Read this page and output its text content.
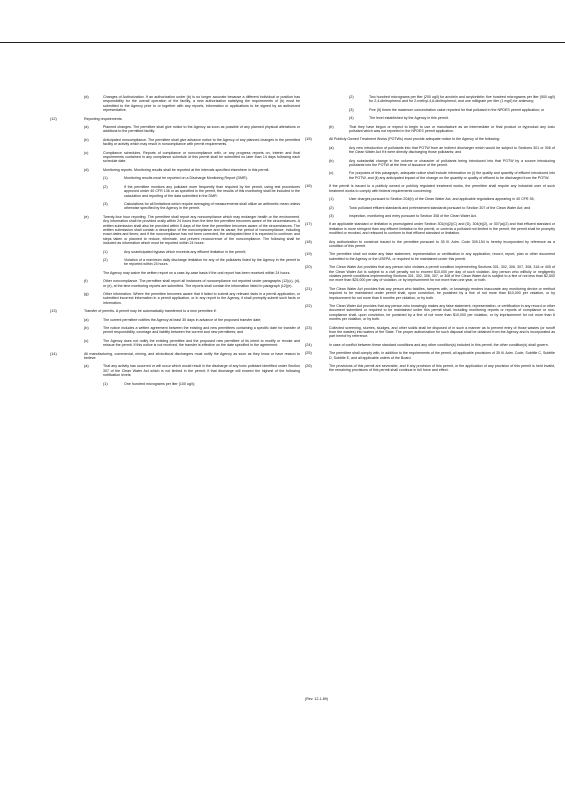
(d)	Changes of Authorization. If an authorization under (b) is no longer accurate because a different individual or position has responsibility for the overall operation of the facility, a new authorization satisfying the requirements of (b) must be submitted to the Agency prior to or together with any reports, information or applications to be signed by an authorized representative.
(12)	Reporting requirements.
(a)	Planned changes. The permittee shall give notice to the Agency as soon as possible of any planned physical alterations or additions to the permitted facility.
(b)	Anticipated noncompliance. The permittee shall give advance notice to the Agency of any planned changes in the permitted facility or activity which may result in noncompliance with permit requirements.
(c)	Compliance schedules. Reports of compliance or noncompliance with, or any progress reports on, interim and final requirements contained in any compliance schedule of this permit shall be submitted no later than 14 days following each schedule date.
(d)	Monitoring reports. Monitoring results shall be reported at the intervals specified elsewhere in this permit.
(1)	Monitoring results must be reported on a Discharge Monitoring Report (DMR).
(2)	If the permittee monitors any pollutant more frequently than required by the permit, using test procedures approved under 40 CFR 136 or as specified in the permit, the results of this monitoring shall be included in the calculation and reporting of the data submitted in the DMR.
(3)	Calculations for all limitations which require averaging of measurements shall utilize an arithmetic mean unless otherwise specified by the Agency in the permit.
(e)	Twenty-four hour reporting. The permittee shall report any noncompliance which may endanger health or the environment. Any information shall be provided orally within 24 hours from the time the permittee becomes aware of the circumstances. A written submission shall also be provided within 5 days of the time the permittee becomes aware of the circumstances. The written submission shall contain a description of the noncompliance and its cause; the period of noncompliance, including exact dates and times; and if the noncompliance has not been corrected, the anticipated time it is expected to continue; and steps taken or planned to reduce, eliminate, and prevent reoccurrence of the noncompliance. The following shall be included as information which must be reported within 24 hours:
(1)	Any unanticipated bypass which exceeds any effluent limitation in the permit;
(2)	Violation of a maximum daily discharge limitation for any of the pollutants listed by the Agency in the permit to be reported within 24 hours.
The Agency may waive the written report on a case-by-case basis if the oral report has been received within 24 hours.
(f)	Other noncompliance. The permittee shall report all instances of noncompliance not reported under paragraphs (12)(c), (d), or (e), at the time monitoring reports are submitted. The reports shall contain the information listed in paragraph (12)(e).
(g)	Other information. Where the permittee becomes aware that it failed to submit any relevant facts in a permit application, or submitted incorrect information in a permit application, or in any report to the Agency, it shall promptly submit such facts or information.
(13)	Transfer of permits. A permit may be automatically transferred to a new permittee if:
(a)	The current permittee notifies the Agency at least 30 days in advance of the proposed transfer date;
(b)	The notice includes a written agreement between the existing and new permittees containing a specific date for transfer of permit responsibility, coverage and liability between the current and new permittees; and
(c)	The Agency does not notify the existing permittee and the proposed new permittee of its intent to modify or revoke and reissue the permit. If this notice is not received, the transfer is effective on the date specified in the agreement.
(14)	All manufacturing, commercial, mining, and silvicultural dischargers must notify the Agency as soon as they know or have reason to believe:
(a)	That any activity has occurred or will occur which would result in the discharge of any toxic pollutant identified under Section 307 of the Clean Water Act which is not limited in the permit, if that discharge will exceed the highest of the following notification levels:
(1)	One hundred micrograms per liter (100 ug/l);
(2)	Two hundred micrograms per liter (200 ug/l) for acrolein and acrylonitrile; five hundred micrograms per liter (500 ug/l) for 2,4-dinitrophenol and for 2-methyl-4,6-dinitrophenol; and one milligram per liter (1 mg/l) for antimony;
(3)	Five (5) times the maximum concentration value reported for that pollutant in the NPDES permit application; or
(4)	The level established by the Agency in this permit.
(b)	That they have begun or expect to begin to use or manufacture as an intermediate or final product or byproduct any toxic pollutant which was not reported in the NPDES permit application.
(15)	All Publicly Owned Treatment Works (POTWs) must provide adequate notice to the Agency of the following:
(a)	Any new introduction of pollutants into that POTW from an indirect discharger which would be subject to Sections 301 or 306 of the Clean Water Act if it were directly discharging those pollutants; and
(b)	Any substantial change in the volume or character of pollutants being introduced into that POTW by a source introducing pollutants into the POTW at the time of issuance of the permit.
(c)	For purposes of this paragraph, adequate notice shall include information on (i) the quality and quantity of effluent introduced into the POTW, and (ii) any anticipated impact of the change on the quantity or quality of effluent to be discharged from the POTW.
(16)	If the permit is issued to a publicly owned or publicly regulated treatment works, the permittee shall require any industrial user of such treatment works to comply with federal requirements concerning:
(1)	User charges pursuant to Section 204(b) of the Clean Water Act, and applicable regulations appearing in 40 CFR 35;
(2)	Toxic pollutant effluent standards and pretreatment standards pursuant to Section 307 of the Clean Water Act; and
(3)	Inspection, monitoring and entry pursuant to Section 308 of the Clean Water Act.
(17)	If an applicable standard or limitation is promulgated under Section 301(b)(2)(C) and (D), 304(b)(2), or 307(a)(2) and that effluent standard or limitation is more stringent than any effluent limitation in the permit, or controls a pollutant not limited in the permit, the permit shall be promptly modified or revoked, and reissued to conform to that effluent standard or limitation.
(18)	Any authorization to construct issued to the permittee pursuant to 35 Ill. Adm. Code 309.154 is hereby incorporated by reference as a condition of this permit.
(19)	The permittee shall not make any false statement, representation or certification in any application, record, report, plan or other document submitted to the Agency or the USEPA, or required to be maintained under this permit.
(20)	The Clean Water Act provides that any person who violates a permit condition implementing Sections 301, 302, 306, 307, 308, 318 or 405 of the Clean Water Act is subject to a civil penalty not to exceed $10,000 per day of such violation. Any person who willfully or negligently violates permit conditions implementing Sections 301, 302, 306, 307, or 308 of the Clean Water Act is subject to a fine of not less than $2,500 nor more than $25,000 per day of violation, or by imprisonment for not more than one year, or both.
(21)	The Clean Water Act provides that any person who falsifies, tampers with, or knowingly renders inaccurate any monitoring device or method required to be maintained under permit shall, upon conviction, be punished by a fine of not more than $10,000 per violation, or by imprisonment for not more than 6 months per violation, or by both.
(22)	The Clean Water Act provides that any person who knowingly makes any false statement, representation, or certification in any record or other document submitted or required to be maintained under this permit shall, including monitoring reports or reports of compliance or non-compliance shall, upon conviction, be punished by a fine of not more than $10,000 per violation, or by imprisonment for not more than 6 months per violation, or by both.
(23)	Collected screening, slurries, sludges, and other solids shall be disposed of in such a manner as to prevent entry of those wastes (or runoff from the wastes) into waters of the State. The proper authorization for such disposal shall be obtained from the Agency and is incorporated as part hereof by reference.
(24)	In case of conflict between these standard conditions and any other condition(s) included in this permit, the other condition(s) shall govern.
(25)	The permittee shall comply with, in addition to the requirements of the permit, all applicable provisions of 35 Ill. Adm. Code, Subtitle C, Subtitle D, Subtitle E, and all applicable orders of the Board.
(26)	The provisions of this permit are severable, and if any provision of this permit, or the application of any provision of this permit is held invalid, the remaining provisions of this permit shall continue in full force and effect.
(Rev. 12-1-89)
